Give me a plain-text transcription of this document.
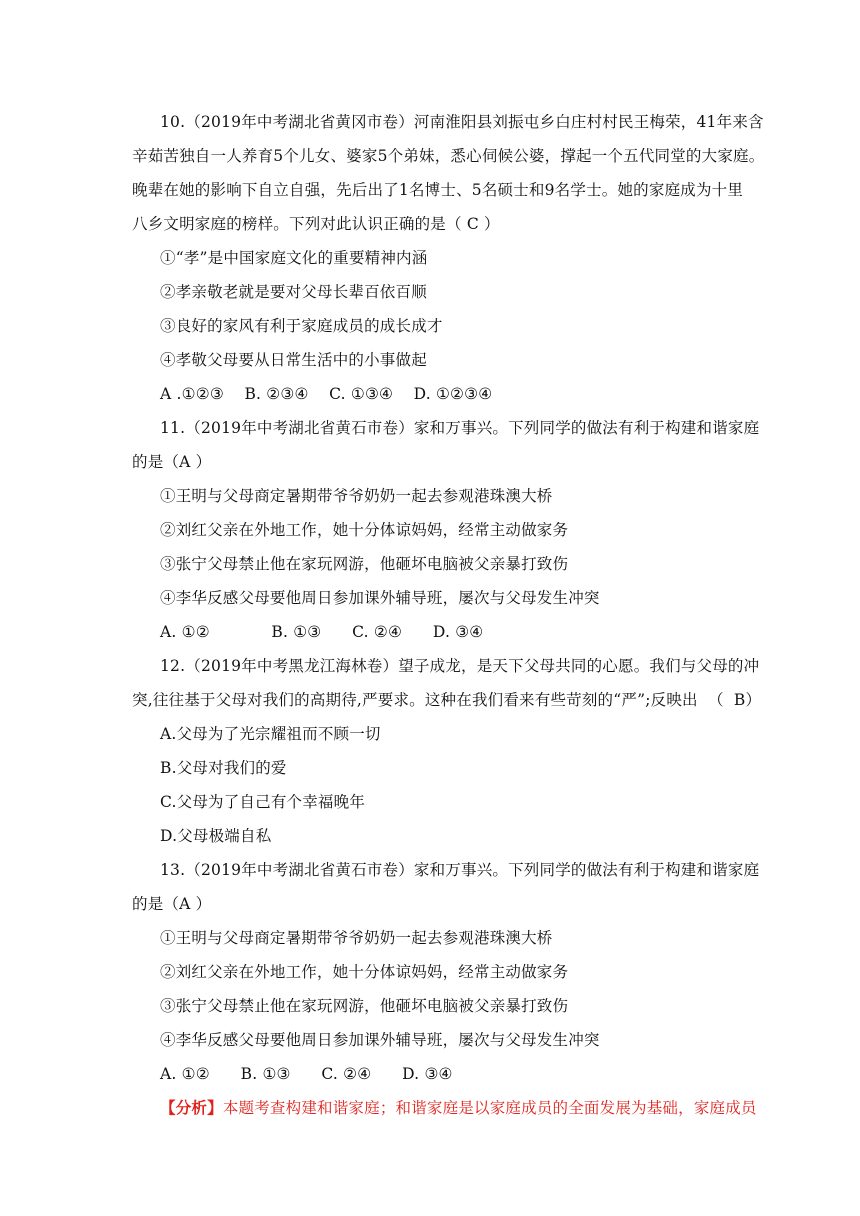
10.（2019年中考湖北省黄冈市卷）河南淮阳县刘振屯乡白庄村村民王梅荣，41年来含
辛茹苦独自一人养育5个儿女、婆家5个弟妹，悉心伺候公婆，撑起一个五代同堂的大家庭。
晚辈在她的影响下自立自强，先后出了1名博士、5名硕士和9名学士。她的家庭成为十里
八乡文明家庭的榜样。下列对此认识正确的是（ C ）
①“孝”是中国家庭文化的重要精神内涵
②孝亲敬老就是要对父母长辈百依百顺
③良好的家风有利于家庭成员的成长成才
④孝敬父母要从日常生活中的小事做起
A .①②③    B. ②③④    C. ①③④    D. ①②③④
11.（2019年中考湖北省黄石市卷）家和万事兴。下列同学的做法有利于构建和谐家庭
的是（A ）
①王明与父母商定暑期带爷爷奶奶一起去参观港珠澳大桥
②刘红父亲在外地工作，她十分体谅妈妈，经常主动做家务
③张宁父母禁止他在家玩网游，他砸坏电脑被父亲暴打致伤
④李华反感父母要他周日参加课外辅导班，屡次与父母发生冲突
A. ①②            B. ①③      C. ②④      D. ③④
12.（2019年中考黑龙江海林卷）望子成龙，是天下父母共同的心愿。我们与父母的冲
突,往往基于父母对我们的高期待,严要求。这种在我们看来有些苛刻的“严”;反映出  （  B）
A.父母为了光宗耀祖而不顾一切
B.父母对我们的爱
C.父母为了自己有个幸福晚年
D.父母极端自私
13.（2019年中考湖北省黄石市卷）家和万事兴。下列同学的做法有利于构建和谐家庭
的是（A ）
①王明与父母商定暑期带爷爷奶奶一起去参观港珠澳大桥
②刘红父亲在外地工作，她十分体谅妈妈，经常主动做家务
③张宁父母禁止他在家玩网游，他砸坏电脑被父亲暴打致伤
④李华反感父母要他周日参加课外辅导班，屡次与父母发生冲突
A. ①②      B. ①③      C. ②④      D. ③④
【分析】本题考查构建和谐家庭；和谐家庭是以家庭成员的全面发展为基础，家庭成员
